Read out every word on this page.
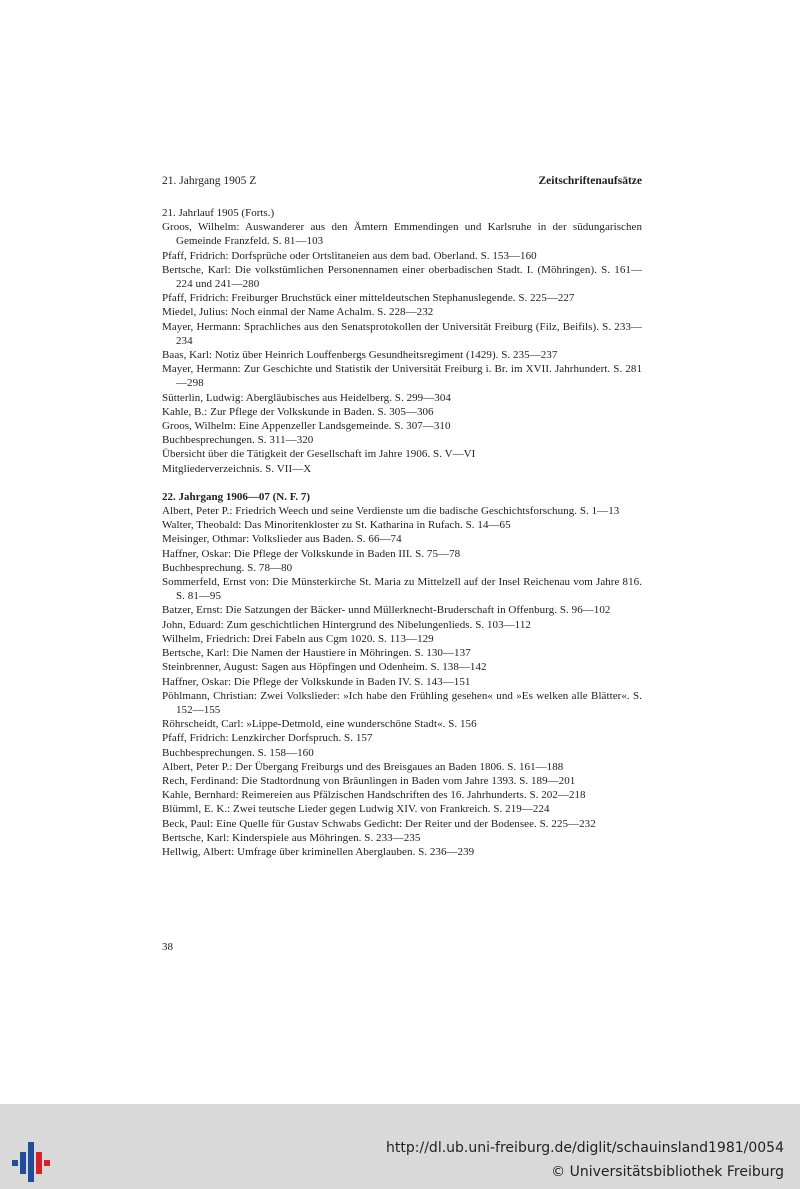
21. Jahrgang 1905 Z	Zeitschriftenaufsätze

21. Jahrlauf 1905 (Forts.)

Groos, Wilhelm: Auswanderer aus den Ämtern Emmendingen und Karlsruhe in der südungarischen Gemeinde Franzfeld. S. 81—103

Pfaff, Fridrich: Dorfsprüche oder Ortslitaneien aus dem bad. Oberland. S. 153—160

Bertsche, Karl: Die volkstümlichen Personennamen einer oberbadischen Stadt. I. (Möhringen). S. 161—224 und 241—280

Pfaff, Fridrich: Freiburger Bruchstück einer mitteldeutschen Stephanuslegende. S. 225—227

Miedel, Julius: Noch einmal der Name Achalm. S. 228—232

Mayer, Hermann: Sprachliches aus den Senatsprotokollen der Universität Freiburg (Filz, Beifils). S. 233—234

Baas, Karl: Notiz über Heinrich Louffenbergs Gesundheitsregiment (1429). S. 235—237

Mayer, Hermann: Zur Geschichte und Statistik der Universität Freiburg i. Br. im XVII. Jahrhundert. S. 281—298

Sütterlin, Ludwig: Abergläubisches aus Heidelberg. S. 299—304

Kahle, B.: Zur Pflege der Volkskunde in Baden. S. 305—306

Groos, Wilhelm: Eine Appenzeller Landsgemeinde. S. 307—310

Buchbesprechungen. S. 311—320

Übersicht über die Tätigkeit der Gesellschaft im Jahre 1906. S. V—VI

Mitgliederverzeichnis. S. VII—X

22. Jahrgang 1906—07 (N. F. 7)

Albert, Peter P.: Friedrich Weech und seine Verdienste um die badische Geschichtsforschung. S. 1—13

Walter, Theobald: Das Minoritenkloster zu St. Katharina in Rufach. S. 14—65

Meisinger, Othmar: Volkslieder aus Baden. S. 66—74

Haffner, Oskar: Die Pflege der Volkskunde in Baden III. S. 75—78

Buchbesprechung. S. 78—80

Sommerfeld, Ernst von: Die Münsterkirche St. Maria zu Mittelzell auf der Insel Reichenau vom Jahre 816. S. 81—95

Batzer, Ernst: Die Satzungen der Bäcker- unnd Müllerknecht-Bruderschaft in Offenburg. S. 96—102

John, Eduard: Zum geschichtlichen Hintergrund des Nibelungenlieds. S. 103—112

Wilhelm, Friedrich: Drei Fabeln aus Cgm 1020. S. 113—129

Bertsche, Karl: Die Namen der Haustiere in Möhringen. S. 130—137

Steinbrenner, August: Sagen aus Höpfingen und Odenheim. S. 138—142

Haffner, Oskar: Die Pflege der Volkskunde in Baden IV. S. 143—151

Pöhlmann, Christian: Zwei Volkslieder: »Ich habe den Frühling gesehen« und »Es welken alle Blätter«. S. 152—155

Röhrscheidt, Carl: »Lippe-Detmold, eine wunderschöne Stadt«. S. 156

Pfaff, Fridrich: Lenzkircher Dorfspruch. S. 157

Buchbesprechungen. S. 158—160

Albert, Peter P.: Der Übergang Freiburgs und des Breisgaues an Baden 1806. S. 161—188

Rech, Ferdinand: Die Stadtordnung von Bräunlingen in Baden vom Jahre 1393. S. 189—201

Kahle, Bernhard: Reimereien aus Pfälzischen Handschriften des 16. Jahrhunderts. S. 202—218

Blümml, E. K.: Zwei teutsche Lieder gegen Ludwig XIV. von Frankreich. S. 219—224

Beck, Paul: Eine Quelle für Gustav Schwabs Gedicht: Der Reiter und der Bodensee. S. 225—232

Bertsche, Karl: Kinderspiele aus Möhringen. S. 233—235

Hellwig, Albert: Umfrage über kriminellen Aberglauben. S. 236—239

38
http://dl.ub.uni-freiburg.de/diglit/schauinsland1981/0054
© Universitätsbibliothek Freiburg
